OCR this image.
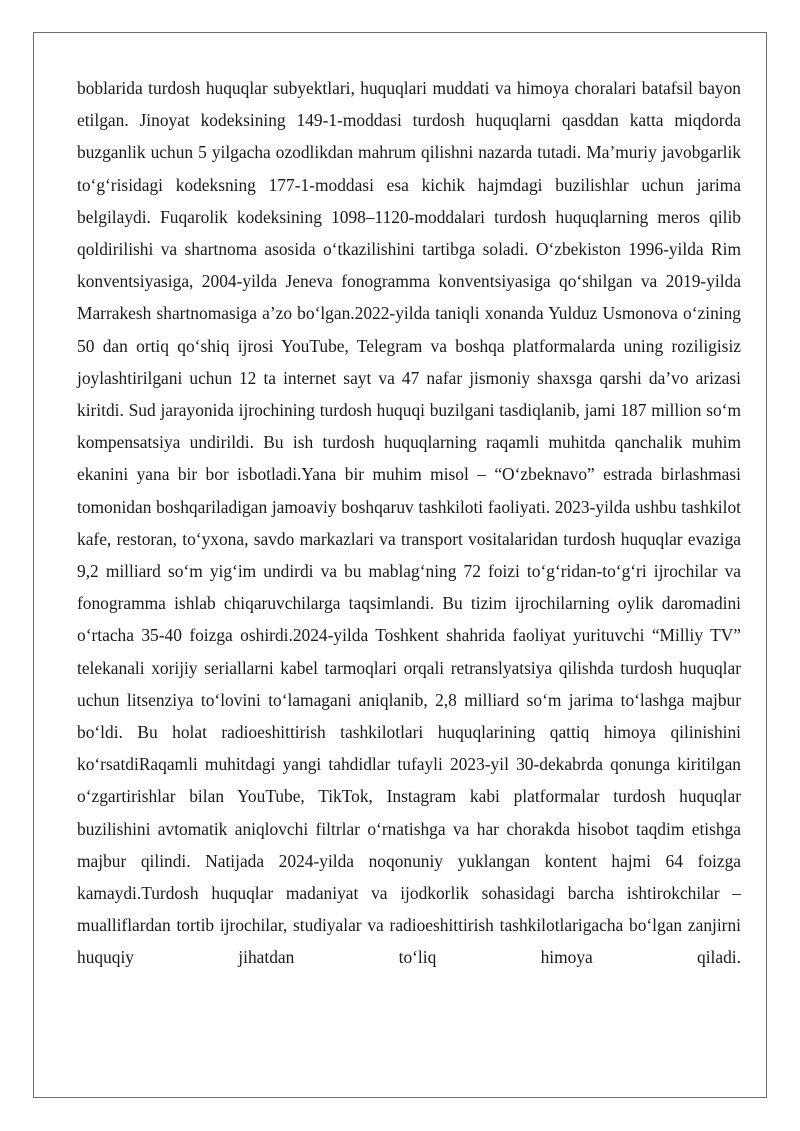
boblarida turdosh huquqlar subyektlari, huquqlari muddati va himoya choralari batafsil bayon etilgan. Jinoyat kodeksining 149-1-moddasi turdosh huquqlarni qasddan katta miqdorda buzganlik uchun 5 yilgacha ozodlikdan mahrum qilishni nazarda tutadi. Ma’muriy javobgarlik to‘g‘risidagi kodeksning 177-1-moddasi esa kichik hajmdagi buzilishlar uchun jarima belgilaydi. Fuqarolik kodeksining 1098–1120-moddalari turdosh huquqlarning meros qilib qoldirilishi va shartnoma asosida o‘tkazilishini tartibga soladi. O‘zbekiston 1996-yilda Rim konventsiyasiga, 2004-yilda Jeneva fonogramma konventsiyasiga qo‘shilgan va 2019-yilda Marrakesh shartnomasiga a’zo bo‘lgan.2022-yilda taniqli xonanda Yulduz Usmonova o‘zining 50 dan ortiq qo‘shiq ijrosi YouTube, Telegram va boshqa platformalarda uning roziligisiz joylashtirilgani uchun 12 ta internet sayt va 47 nafar jismoniy shaxsga qarshi da’vo arizasi kiritdi. Sud jarayonida ijrochining turdosh huquqi buzilgani tasdiqlanib, jami 187 million so‘m kompensatsiya undirildi. Bu ish turdosh huquqlarning raqamli muhitda qanchalik muhim ekanini yana bir bor isbotladi.Yana bir muhim misol – “O‘zbeknavo” estrada birlashmasi tomonidan boshqariladigan jamoaviy boshqaruv tashkiloti faoliyati. 2023-yilda ushbu tashkilot kafe, restoran, to‘yxona, savdo markazlari va transport vositalaridan turdosh huquqlar evaziga 9,2 milliard so‘m yig‘im undirdi va bu mablag‘ning 72 foizi to‘g‘ridan-to‘g‘ri ijrochilar va fonogramma ishlab chiqaruvchilarga taqsimlandi. Bu tizim ijrochilarning oylik daromadini o‘rtacha 35-40 foizga oshirdi.2024-yilda Toshkent shahrida faoliyat yurituvchi “Milliy TV” telekanali xorijiy seriallarni kabel tarmoqlari orqali retranslyatsiya qilishda turdosh huquqlar uchun litsenziya to‘lovini to‘lamagani aniqlanib, 2,8 milliard so‘m jarima to‘lashga majbur bo‘ldi. Bu holat radioeshittirish tashkilotlari huquqlarining qattiq himoya qilinishini ko‘rsatdiRaqamli muhitdagi yangi tahdidlar tufayli 2023-yil 30-dekabrda qonunga kiritilgan o‘zgartirishlar bilan YouTube, TikTok, Instagram kabi platformalar turdosh huquqlar buzilishini avtomatik aniqlovchi filtrlar o‘rnatishga va har chorakda hisobot taqdim etishga majbur qilindi. Natijada 2024-yilda noqonuniy yuklangan kontent hajmi 64 foizga kamaydi.Turdosh huquqlar madaniyat va ijodkorlik sohasidagi barcha ishtirokchilar – mualliflardan tortib ijrochilar, studiyalar va radioeshittirish tashkilotlarigacha bo‘lgan zanjirni huquqiy jihatdan to‘liq himoya qiladi.
